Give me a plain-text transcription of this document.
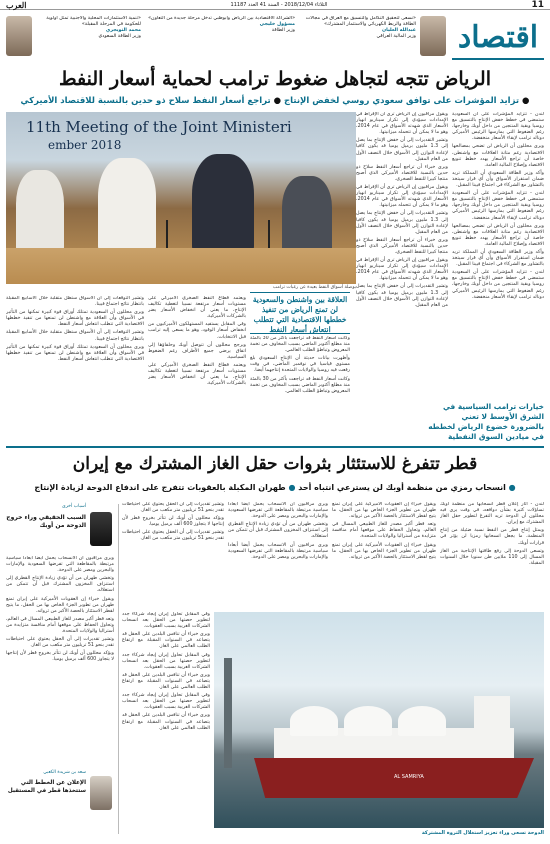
11
الثلاثاء 2018/12/04 - السنة 41 العدد 11187
العرب
اقتصاد
«نسعى لتحقيق التكامل والتنسيق مع العراق في مجالات الطاقة والربط الكهربائي والاستثمار المشترك»
عبدالله العليان
وزير المالية العراقي
«الشراكة الاقتصادية بين الرياض وأبوظبي تدخل مرحلة جديدة من التعاون»
مسؤول خليجي
وزير الطاقة
«تنمية الاستثمارات المحلية والأجنبية تمثل أولوية للحكومة في المرحلة المقبلة»
محمد التويجري
وزير الطاقة السعودي
الرياض تتجه لتجاهل ضغوط ترامب لحماية أسعار النفط
● تزايد المؤشرات على توافق سعودي روسي لخفض الإنتاج ● تراجع أسعار النفط سلاح ذو حدين بالنسبة للاقتصاد الأميركي
11th Meeting of the Joint Ministeri
ember 2018
بوصلة أسواق النفط بعيدة عن رغبات ترامب

لندن - تتزايد المؤشرات على أن السعودية ستمضي في خطط خفض الإنتاج بالتنسيق مع روسيا وبقية المنتجين من داخل أوبك وخارجها، رغم الضغوط التي يمارسها الرئيس الأميركي دونالد ترامب لإبقاء الأسعار منخفضة.

ويرى محللون أن الرياض لن تضحي بمصالحها الاقتصادية رغم متانة العلاقات مع واشنطن، خاصة أن تراجع الأسعار يهدد خطط تنويع الاقتصاد وإصلاح المالية العامة.

وأكد وزير الطاقة السعودي أن المملكة تريد ضمان استقرار الأسواق وأن أي قرار سيتخذ بالتشاور مع الشركاء في اجتماع فيينا المقبل.

لندن - تتزايد المؤشرات على أن السعودية ستمضي في خطط خفض الإنتاج بالتنسيق مع روسيا وبقية المنتجين من داخل أوبك وخارجها، رغم الضغوط التي يمارسها الرئيس الأميركي دونالد ترامب لإبقاء الأسعار منخفضة.

ويرى محللون أن الرياض لن تضحي بمصالحها الاقتصادية رغم متانة العلاقات مع واشنطن، خاصة أن تراجع الأسعار يهدد خطط تنويع الاقتصاد وإصلاح المالية العامة.

وأكد وزير الطاقة السعودي أن المملكة تريد ضمان استقرار الأسواق وأن أي قرار سيتخذ بالتشاور مع الشركاء في اجتماع فيينا المقبل.

لندن - تتزايد المؤشرات على أن السعودية ستمضي في خطط خفض الإنتاج بالتنسيق مع روسيا وبقية المنتجين من داخل أوبك وخارجها، رغم الضغوط التي يمارسها الرئيس الأميركي دونالد ترامب لإبقاء الأسعار منخفضة.

ويقول مراقبون إن الرياض ترى أن الإفراط في الإمدادات سيؤدي إلى تكرار سيناريو انهيار الأسعار الذي شهدته الأسواق في عام 2014، وهو ما لا يمكن أن تتحمله ميزانيتها.

وتشير التقديرات إلى أن خفض الإنتاج بما يصل إلى 1.3 مليون برميل يوميا قد يكون كافيا لإعادة التوازن إلى الأسواق خلال النصف الأول من العام المقبل.

ويرى خبراء أن تراجع أسعار النفط سلاح ذو حدين بالنسبة للاقتصاد الأميركي الذي أصبح منتجا كبيرا للنفط الصخري.

ويقول مراقبون إن الرياض ترى أن الإفراط في الإمدادات سيؤدي إلى تكرار سيناريو انهيار الأسعار الذي شهدته الأسواق في عام 2014، وهو ما لا يمكن أن تتحمله ميزانيتها.

وتشير التقديرات إلى أن خفض الإنتاج بما يصل إلى 1.3 مليون برميل يوميا قد يكون كافيا لإعادة التوازن إلى الأسواق خلال النصف الأول من العام المقبل.

ويرى خبراء أن تراجع أسعار النفط سلاح ذو حدين بالنسبة للاقتصاد الأميركي الذي أصبح منتجا كبيرا للنفط الصخري.

ويقول مراقبون إن الرياض ترى أن الإفراط في الإمدادات سيؤدي إلى تكرار سيناريو انهيار الأسعار الذي شهدته الأسواق في عام 2014، وهو ما لا يمكن أن تتحمله ميزانيتها.

وتشير التقديرات إلى أن خفض الإنتاج بما يصل إلى 1.3 مليون برميل يوميا قد يكون كافيا لإعادة التوازن إلى الأسواق خلال النصف الأول من العام المقبل.

خيارات ترامب السياسية في الشرق الأوسط لا تعني بالضرورة خضوع الرياض لخططه في ميادين السوق النفطية

ويعتمد قطاع النفط الصخري الأميركي على مستويات أسعار مرتفعة نسبيا لتغطية تكاليف الإنتاج، ما يعني أن انخفاض الأسعار يضر بالشركات الأميركية.

وفي المقابل يستفيد المستهلكون الأميركيون من انخفاض أسعار الوقود، وهو ما يسعى إليه ترامب قبل الانتخابات.

ويرجح محللون أن تتوصل أوبك وحلفاؤها إلى اتفاق يرضي جميع الأطراف رغم الضغوط السياسية.

ويعتمد قطاع النفط الصخري الأميركي على مستويات أسعار مرتفعة نسبيا لتغطية تكاليف الإنتاج، ما يعني أن انخفاض الأسعار يضر بالشركات الأميركية.

العلاقة بين واشنطن والسعودية لن تمنع الرياض من تنفيذ خططها الاقتصادية التي تتطلب انتعاش أسعار النفط

وكانت أسعار النفط قد تراجعت بأكثر من 30 بالمئة منذ مطلع أكتوبر الماضي بسبب المخاوف من تخمة المعروض وتباطؤ الطلب العالمي.

وأظهرت بيانات حديثة أن الإنتاج السعودي بلغ مستوى قياسيا في نوفمبر الماضي، في وقت رفعت فيه روسيا والولايات المتحدة إنتاجهما أيضا.

وكانت أسعار النفط قد تراجعت بأكثر من 30 بالمئة منذ مطلع أكتوبر الماضي بسبب المخاوف من تخمة المعروض وتباطؤ الطلب العالمي.

وتشير التوقعات إلى أن الأسواق ستظل متقلبة خلال الأسابيع المقبلة بانتظار نتائج اجتماع فيينا.

ويرى محللون أن السعودية تمتلك أوراق قوة كبيرة تمكنها من التأثير في الأسواق وأن العلاقة مع واشنطن لن تمنعها من تنفيذ خططها الاقتصادية التي تتطلب انتعاش أسعار النفط.

وتشير التوقعات إلى أن الأسواق ستظل متقلبة خلال الأسابيع المقبلة بانتظار نتائج اجتماع فيينا.

ويرى محللون أن السعودية تمتلك أوراق قوة كبيرة تمكنها من التأثير في الأسواق وأن العلاقة مع واشنطن لن تمنعها من تنفيذ خططها الاقتصادية التي تتطلب انتعاش أسعار النفط.

قطر تتفرغ للاستئثار بثروات حقل الغاز المشترك مع إيران
● انسحاب رمزي من منظمة أوبك لن يسترعي انتباه أحد ● طهران المكبلة بالعقوبات تتفرج على اندفاع الدوحة لزيادة الإنتاج

لندن - أثار إعلان قطر انسحابها من منظمة أوبك تساؤلات كثيرة بشأن دوافعه، في وقت يرى فيه محللون أن الدوحة تريد التفرغ لتطوير حقل الغاز المشترك مع إيران.

ويمثل إنتاج قطر من النفط نسبة ضئيلة من إنتاج المنظمة، ما يجعل انسحابها رمزيا لن يؤثر في قرارات أوبك.

وتسعى الدوحة إلى رفع طاقتها الإنتاجية من الغاز المسال إلى 110 ملايين طن سنويا خلال السنوات المقبلة.

ويقول خبراء إن العقوبات الأميركية على إيران تمنع طهران من تطوير الجزء الخاص بها من الحقل، ما يتيح لقطر الاستئثار بالحصة الأكبر من ثرواته.

وتعد قطر أكبر مصدر للغاز الطبيعي المسال في العالم، وتحاول الحفاظ على موقعها أمام منافسة متزايدة من أستراليا والولايات المتحدة.

ويقول خبراء إن العقوبات الأميركية على إيران تمنع طهران من تطوير الجزء الخاص بها من الحقل، ما يتيح لقطر الاستئثار بالحصة الأكبر من ثرواته.

ويرى مراقبون أن الانسحاب يحمل أيضا أبعادا سياسية مرتبطة بالمقاطعة التي تفرضها السعودية والإمارات والبحرين ومصر على الدوحة.

وتخشى طهران من أن تؤدي زيادة الإنتاج القطري إلى استنزاف المخزون المشترك قبل أن تتمكن من استغلاله.

ويرى مراقبون أن الانسحاب يحمل أيضا أبعادا سياسية مرتبطة بالمقاطعة التي تفرضها السعودية والإمارات والبحرين ومصر على الدوحة.

وتشير تقديرات إلى أن الحقل يحتوي على احتياطات تقدر بنحو 51 تريليون متر مكعب من الغاز.

ويؤكد محللون أن أوبك لن تتأثر بخروج قطر لأن إنتاجها لا يتجاوز 600 ألف برميل يوميا.

وتشير تقديرات إلى أن الحقل يحتوي على احتياطات تقدر بنحو 51 تريليون متر مكعب من الغاز.

وفي المقابل تحاول إيران إيجاد شركاء جدد لتطوير حصتها من الحقل بعد انسحاب الشركات الغربية بسبب العقوبات.

ويرى خبراء أن تنافس البلدين على الحقل قد يتصاعد في السنوات المقبلة مع ارتفاع الطلب العالمي على الغاز.

وفي المقابل تحاول إيران إيجاد شركاء جدد لتطوير حصتها من الحقل بعد انسحاب الشركات الغربية بسبب العقوبات.

ويرى خبراء أن تنافس البلدين على الحقل قد يتصاعد في السنوات المقبلة مع ارتفاع الطلب العالمي على الغاز.

وفي المقابل تحاول إيران إيجاد شركاء جدد لتطوير حصتها من الحقل بعد انسحاب الشركات الغربية بسبب العقوبات.

ويرى خبراء أن تنافس البلدين على الحقل قد يتصاعد في السنوات المقبلة مع ارتفاع الطلب العالمي على الغاز.

AL SAMRIYA
الدوحة تسعى وراء تعزيز استغلال الثروة المشتركة
أسباب أخرى
السبب الحقيقي وراء خروج الدوحة من أوبك

ويرى مراقبون أن الانسحاب يحمل أيضا أبعادا سياسية مرتبطة بالمقاطعة التي تفرضها السعودية والإمارات والبحرين ومصر على الدوحة.

وتخشى طهران من أن تؤدي زيادة الإنتاج القطري إلى استنزاف المخزون المشترك قبل أن تتمكن من استغلاله.

ويقول خبراء إن العقوبات الأميركية على إيران تمنع طهران من تطوير الجزء الخاص بها من الحقل، ما يتيح لقطر الاستئثار بالحصة الأكبر من ثرواته.

وتعد قطر أكبر مصدر للغاز الطبيعي المسال في العالم، وتحاول الحفاظ على موقعها أمام منافسة متزايدة من أستراليا والولايات المتحدة.

وتشير تقديرات إلى أن الحقل يحتوي على احتياطات تقدر بنحو 51 تريليون متر مكعب من الغاز.

ويؤكد محللون أن أوبك لن تتأثر بخروج قطر لأن إنتاجها لا يتجاوز 600 ألف برميل يوميا.

سعد بن شريدة الكعبي
الإعلان عن الخطط التي ستتخذها قطر في المستقبل
